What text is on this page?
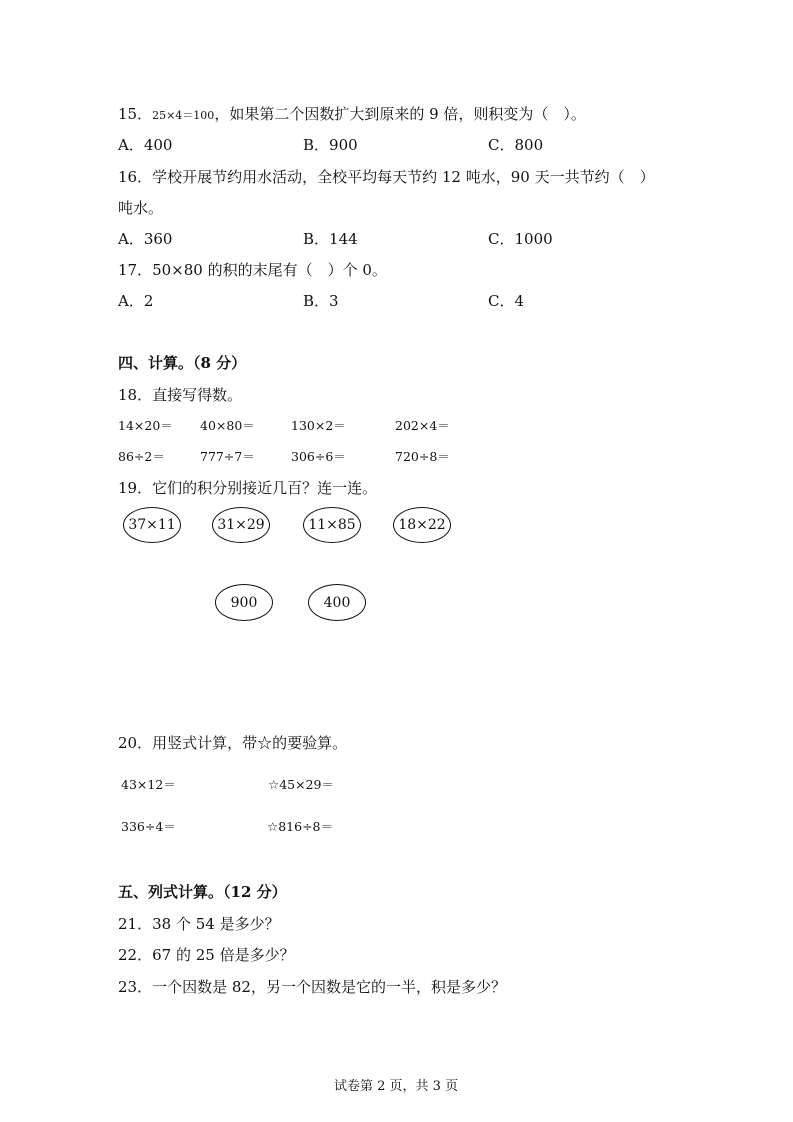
15．25×4＝100，如果第二个因数扩大到原来的 9 倍，则积变为（　）。
A．400	B．900	C．800
16．学校开展节约用水活动，全校平均每天节约 12 吨水，90 天一共节约（　）
吨水。
A．360	B．144	C．1000
17．50×80 的积的末尾有（　）个 0。
A．2	B．3	C．4
四、计算。（8 分）
18．直接写得数。
14×20＝ 40×80＝	130×2＝	202×4＝
86÷2＝	777÷7＝	306÷6＝	720÷8＝
19．它们的积分别接近几百？连一连。
37×11	31×29	11×85	18×22
900	400
20．用竖式计算，带☆的要验算。
43×12＝	☆45×29＝
336÷4＝	☆816÷8＝
五、列式计算。（12 分）
21．38 个 54 是多少？
22．67 的 25 倍是多少？
23．一个因数是 82，另一个因数是它的一半，积是多少？
试卷第 2 页，共 3 页
